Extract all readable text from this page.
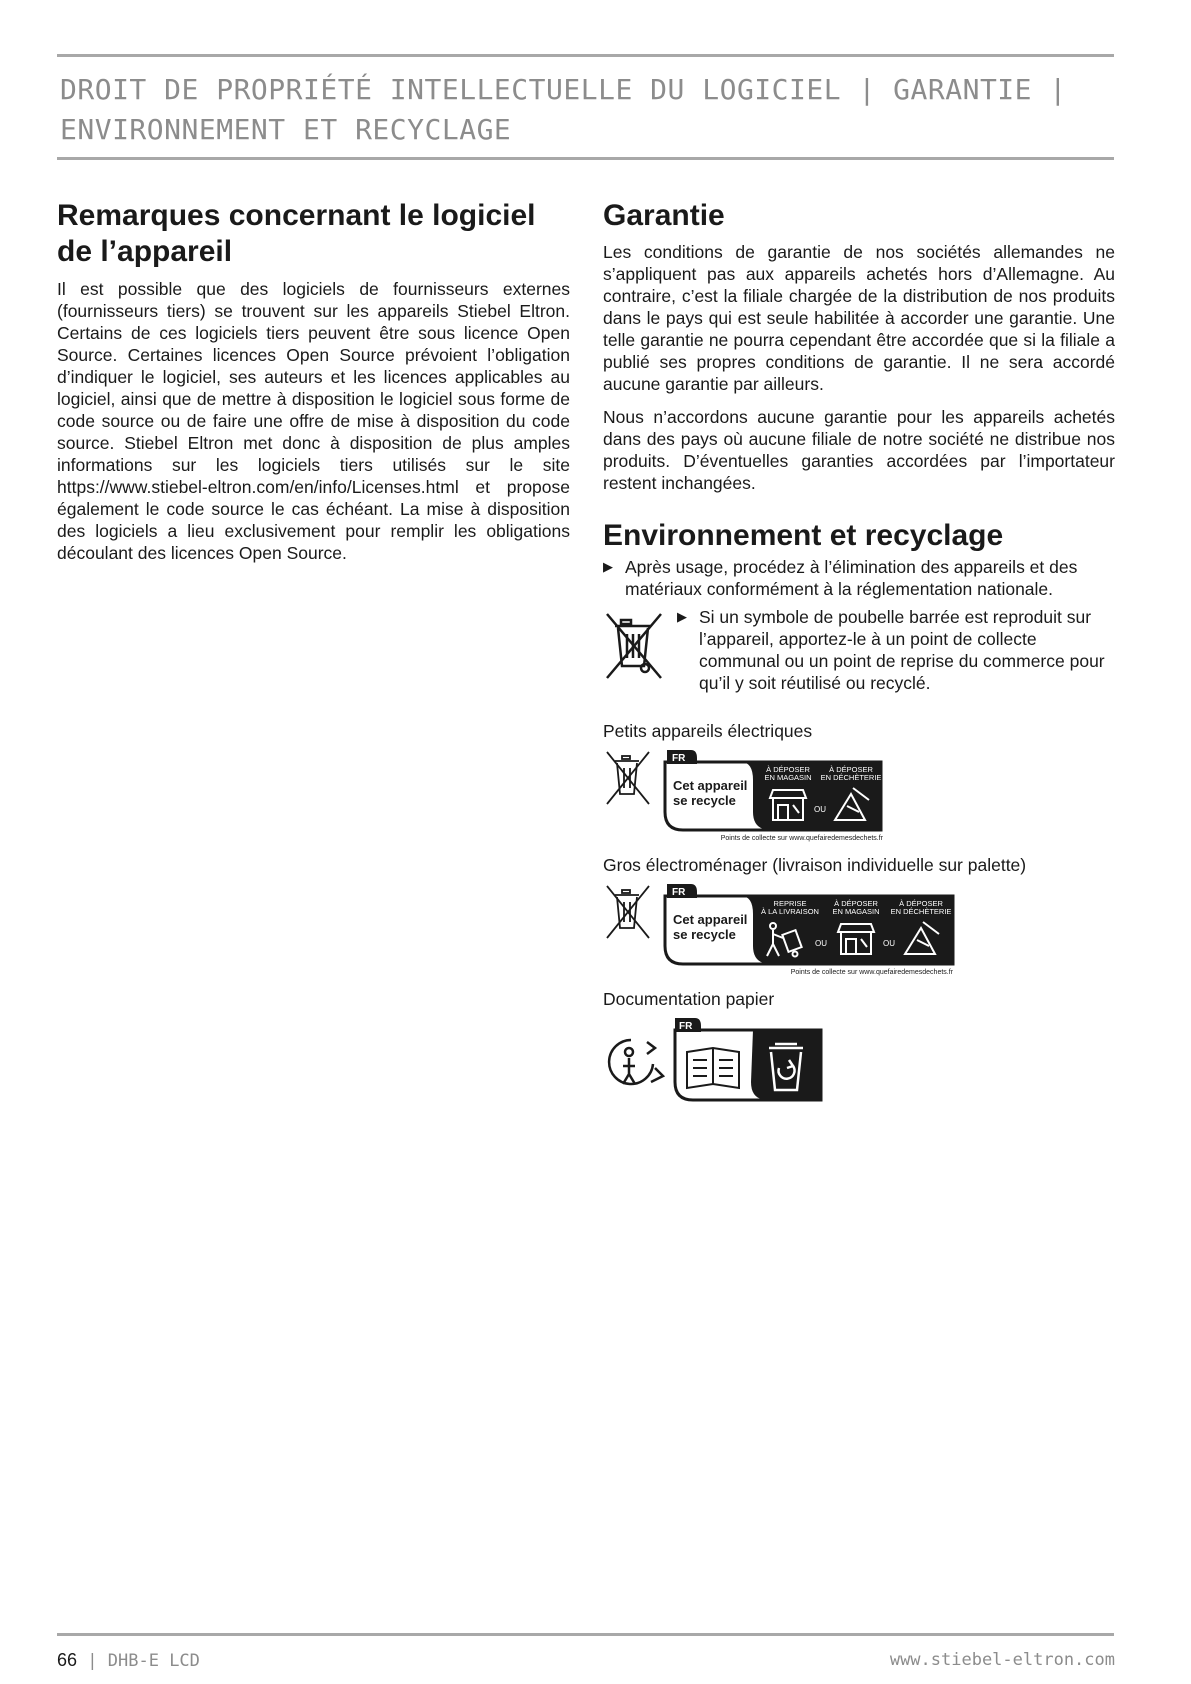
DROIT DE PROPRIÉTÉ INTELLECTUELLE DU LOGICIEL | GARANTIE | ENVIRONNEMENT ET RECYCLAGE
Remarques concernant le logiciel de l’appareil

Il est possible que des logiciels de fournisseurs externes (fournisseurs tiers) se trouvent sur les appareils Stiebel Eltron. Certains de ces logiciels tiers peuvent être sous licence Open Source. Certaines licences Open Source prévoient l’obligation d’indiquer le logiciel, ses auteurs et les licences applicables au logiciel, ainsi que de mettre à disposition le logiciel sous forme de code source ou de faire une offre de mise à disposition du code source. Stiebel Eltron met donc à disposition de plus amples informations sur les logiciels tiers utilisés sur le site https://www.stiebel-eltron.com/en/info/Licenses.html et propose également le code source le cas échéant. La mise à disposition des logiciels a lieu exclusivement pour remplir les obligations découlant des licences Open Source.

Garantie

Les conditions de garantie de nos sociétés allemandes ne s’appliquent pas aux appareils achetés hors d’Allemagne. Au contraire, c’est la filiale chargée de la distribution de nos produits dans le pays qui est seule habilitée à accorder une garantie. Une telle garantie ne pourra cependant être accordée que si la filiale a publié ses propres conditions de garantie. Il ne sera accordé aucune garantie par ailleurs.

Nous n’accordons aucune garantie pour les appareils achetés dans des pays où aucune filiale de notre société ne distribue nos produits. D’éventuelles garanties accordées par l’importateur restent inchangées.

Environnement et recyclage
▶ Après usage, procédez à l’élimination des appareils et des matériaux conformément à la réglementation nationale.
▶ Si un symbole de poubelle barrée est reproduit sur l’appareil, apportez-le à un point de collecte communal ou un point de reprise du commerce pour qu’il y soit réutilisé ou recyclé.
Petits appareils électriques
FR
Cet appareil
se recycle
À DÉPOSER
EN MAGASIN
À DÉPOSER
EN DÉCHÈTERIE
OU
Points de collecte sur www.quefairedemesdechets.fr
Gros électroménager (livraison individuelle sur palette)
FR
Cet appareil
se recycle
REPRISE
À LA LIVRAISON
À DÉPOSER
EN MAGASIN
À DÉPOSER
EN DÉCHÈTERIE
OU	OU
Points de collecte sur www.quefairedemesdechets.fr
Documentation papier
FR
66 | DHB-E LCD	www.stiebel-eltron.com
